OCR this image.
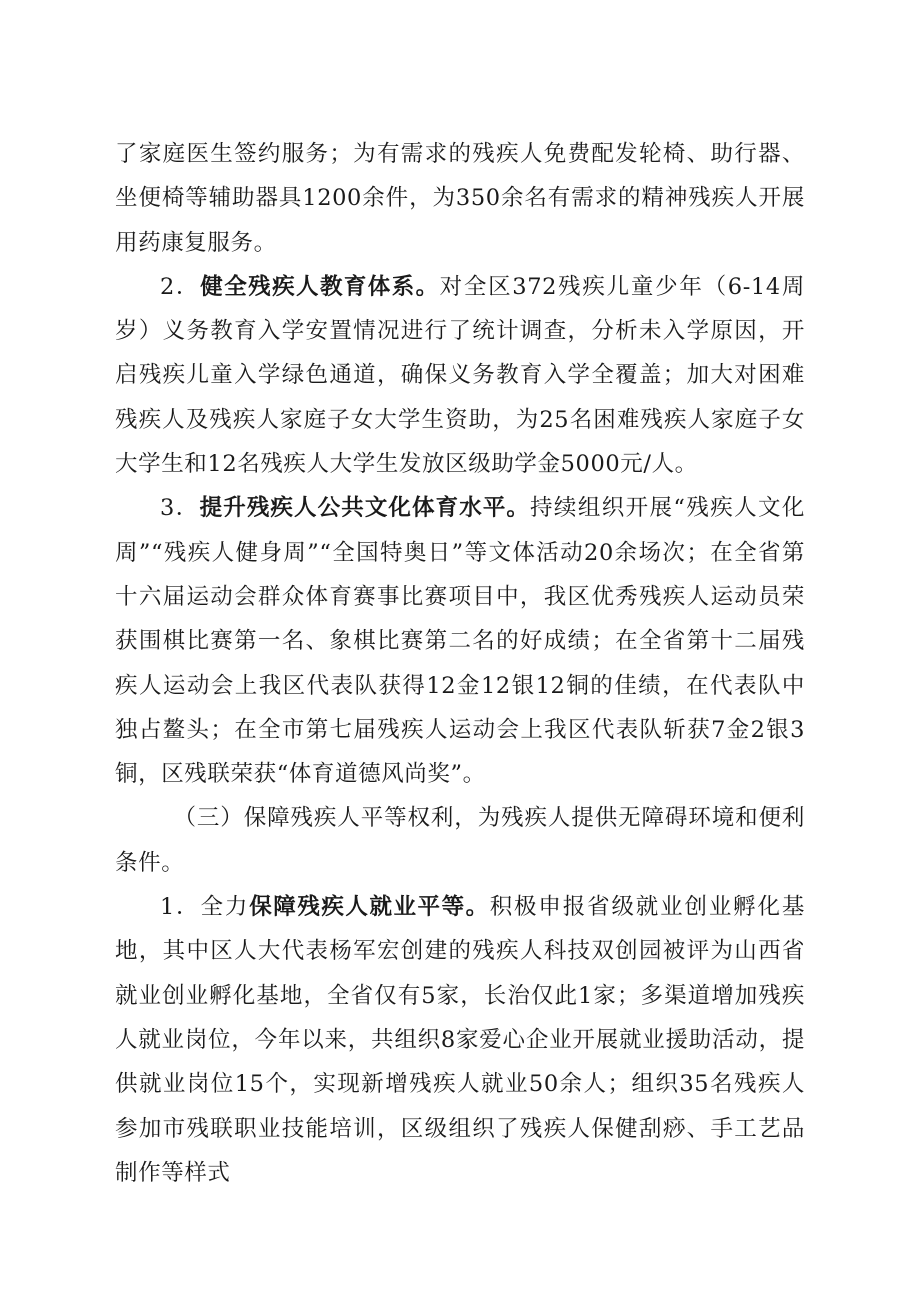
了家庭医生签约服务；为有需求的残疾人免费配发轮椅、助行器、坐便椅等辅助器具1200余件，为350余名有需求的精神残疾人开展用药康复服务。

2．健全残疾人教育体系。对全区372残疾儿童少年（6-14周岁）义务教育入学安置情况进行了统计调查，分析未入学原因，开启残疾儿童入学绿色通道，确保义务教育入学全覆盖；加大对困难残疾人及残疾人家庭子女大学生资助，为25名困难残疾人家庭子女大学生和12名残疾人大学生发放区级助学金5000元/人。

3．提升残疾人公共文化体育水平。持续组织开展“残疾人文化周”“残疾人健身周”“全国特奥日”等文体活动20余场次；在全省第十六届运动会群众体育赛事比赛项目中，我区优秀残疾人运动员荣获围棋比赛第一名、象棋比赛第二名的好成绩；在全省第十二届残疾人运动会上我区代表队获得12金12银12铜的佳绩，在代表队中独占鳌头；在全市第七届残疾人运动会上我区代表队斩获7金2银3铜，区残联荣获“体育道德风尚奖”。

（三）保障残疾人平等权利，为残疾人提供无障碍环境和便利条件。

1．全力保障残疾人就业平等。积极申报省级就业创业孵化基地，其中区人大代表杨军宏创建的残疾人科技双创园被评为山西省就业创业孵化基地，全省仅有5家，长治仅此1家；多渠道增加残疾人就业岗位，今年以来，共组织8家爱心企业开展就业援助活动，提供就业岗位15个，实现新增残疾人就业50余人；组织35名残疾人参加市残联职业技能培训，区级组织了残疾人保健刮痧、手工艺品制作等样式
